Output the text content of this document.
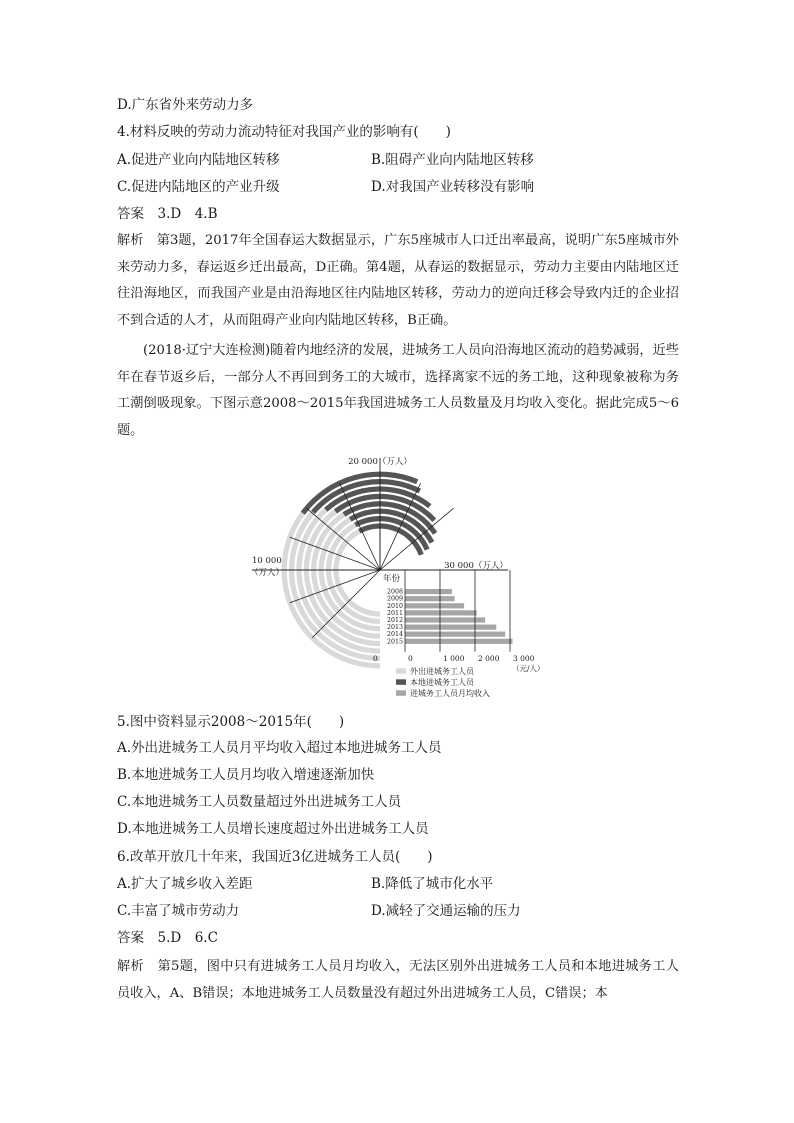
D.广东省外来劳动力多
4.材料反映的劳动力流动特征对我国产业的影响有(　　)
A.促进产业向内陆地区转移	B.阻碍产业向内陆地区转移
C.促进内陆地区的产业升级	D.对我国产业转移没有影响
答案　3.D　4.B
解析　第3题，2017年全国春运大数据显示，广东5座城市人口迁出率最高，说明广东5座城市外来劳动力多，春运返乡迁出最高，D正确。第4题，从春运的数据显示，劳动力主要由内陆地区迁往沿海地区，而我国产业是由沿海地区往内陆地区转移，劳动力的逆向迁移会导致内迁的企业招不到合适的人才，从而阻碍产业向内陆地区转移，B正确。
(2018·辽宁大连检测)随着内地经济的发展，进城务工人员向沿海地区流动的趋势减弱，近些年在春节返乡后，一部分人不再回到务工的大城市，选择离家不远的务工地，这种现象被称为务工潮倒吸现象。下图示意2008～2015年我国进城务工人员数量及月均收入变化。据此完成5～6题。
2008
2009
2010
2011
2012
2013
2014
2015
20 000（万人）
10 000
（万人）
年份
30 000（万人）
0	1 000 2 000 3 000
（元/人）
0
外出进城务工人员
本地进城务工人员
进城务工人员月均收入
5.图中资料显示2008～2015年(　　)
A.外出进城务工人员月平均收入超过本地进城务工人员
B.本地进城务工人员月均收入增速逐渐加快
C.本地进城务工人员数量超过外出进城务工人员
D.本地进城务工人员增长速度超过外出进城务工人员
6.改革开放几十年来，我国近3亿进城务工人员(　　)
A.扩大了城乡收入差距	B.降低了城市化水平
C.丰富了城市劳动力	D.减轻了交通运输的压力
答案　5.D　6.C
解析　第5题，图中只有进城务工人员月均收入，无法区别外出进城务工人员和本地进城务工人员收入，A、B错误；本地进城务工人员数量没有超过外出进城务工人员，C错误；本
